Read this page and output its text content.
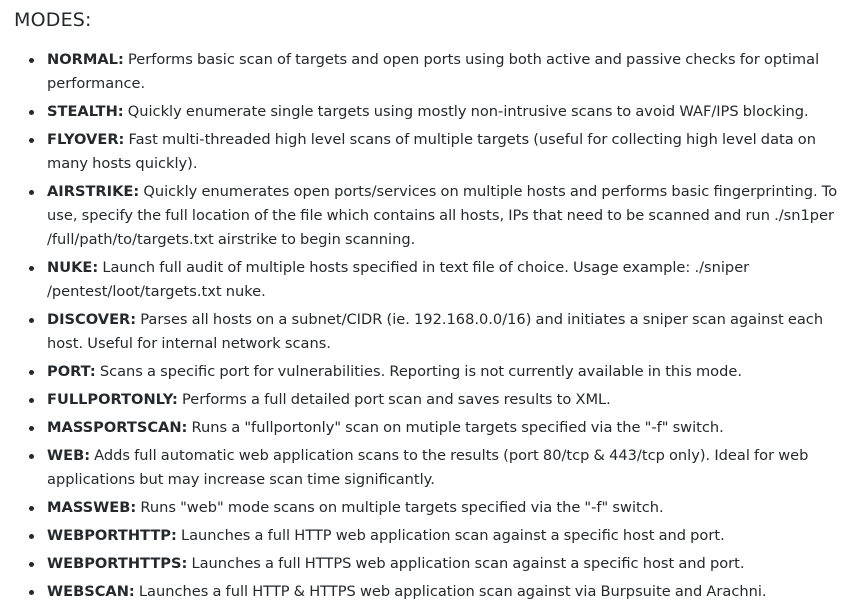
MODES:
NORMAL: Performs basic scan of targets and open ports using both active and passive checks for optimal performance.
STEALTH: Quickly enumerate single targets using mostly non-intrusive scans to avoid WAF/IPS blocking.
FLYOVER: Fast multi-threaded high level scans of multiple targets (useful for collecting high level data on many hosts quickly).
AIRSTRIKE: Quickly enumerates open ports/services on multiple hosts and performs basic fingerprinting. To use, specify the full location of the file which contains all hosts, IPs that need to be scanned and run ./sn1per /full/path/to/targets.txt airstrike to begin scanning.
NUKE: Launch full audit of multiple hosts specified in text file of choice. Usage example: ./sniper /pentest/loot/targets.txt nuke.
DISCOVER: Parses all hosts on a subnet/CIDR (ie. 192.168.0.0/16) and initiates a sniper scan against each host. Useful for internal network scans.
PORT: Scans a specific port for vulnerabilities. Reporting is not currently available in this mode.
FULLPORTONLY: Performs a full detailed port scan and saves results to XML.
MASSPORTSCAN: Runs a "fullportonly" scan on mutiple targets specified via the "-f" switch.
WEB: Adds full automatic web application scans to the results (port 80/tcp & 443/tcp only). Ideal for web applications but may increase scan time significantly.
MASSWEB: Runs "web" mode scans on multiple targets specified via the "-f" switch.
WEBPORTHTTP: Launches a full HTTP web application scan against a specific host and port.
WEBPORTHTTPS: Launches a full HTTPS web application scan against a specific host and port.
WEBSCAN: Launches a full HTTP & HTTPS web application scan against via Burpsuite and Arachni.
